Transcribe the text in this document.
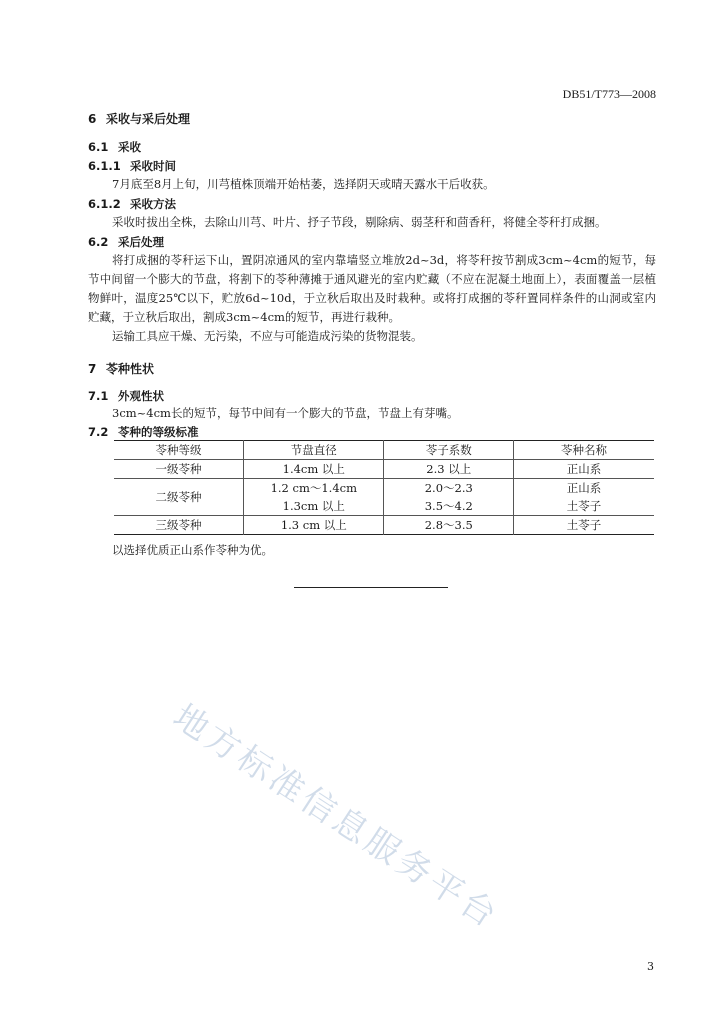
DB51/T773—2008
6 采收与采后处理
6.1 采收
6.1.1 采收时间
7月底至8月上旬，川芎植株顶端开始枯萎，选择阴天或晴天露水干后收获。
6.1.2 采收方法
采收时拔出全株，去除山川芎、叶片、抒子节段，剔除病、弱茎秆和茴香秆，将健全苓秆打成捆。
6.2 采后处理
将打成捆的苓秆运下山，置阴凉通风的室内靠墙竖立堆放2d~3d，将苓秆按节割成3cm~4cm的短节，每节中间留一个膨大的节盘，将割下的苓种薄摊于通风避光的室内贮藏（不应在泥凝土地面上），表面覆盖一层植物鲜叶，温度25℃以下，贮放6d~10d，于立秋后取出及时栽种。或将打成捆的苓秆置同样条件的山洞或室内贮藏，于立秋后取出，割成3cm~4cm的短节，再进行栽种。
运输工具应干燥、无污染，不应与可能造成污染的货物混装。
7 苓种性状
7.1 外观性状
3cm~4cm长的短节，每节中间有一个膨大的节盘，节盘上有芽嘴。
7.2 苓种的等级标准
苓种等级	节盘直径	苓子系数	苓种名称
一级苓种	1.4cm 以上	2.3 以上	正山系
二级苓种	1.2 cm～1.4cm	2.0～2.3	正山系
	1.3cm 以上	3.5～4.2	土苓子
三级苓种	1.3 cm 以上	2.8～3.5	土苓子
以选择优质正山系作苓种为优。
地方标准信息服务平台
3
